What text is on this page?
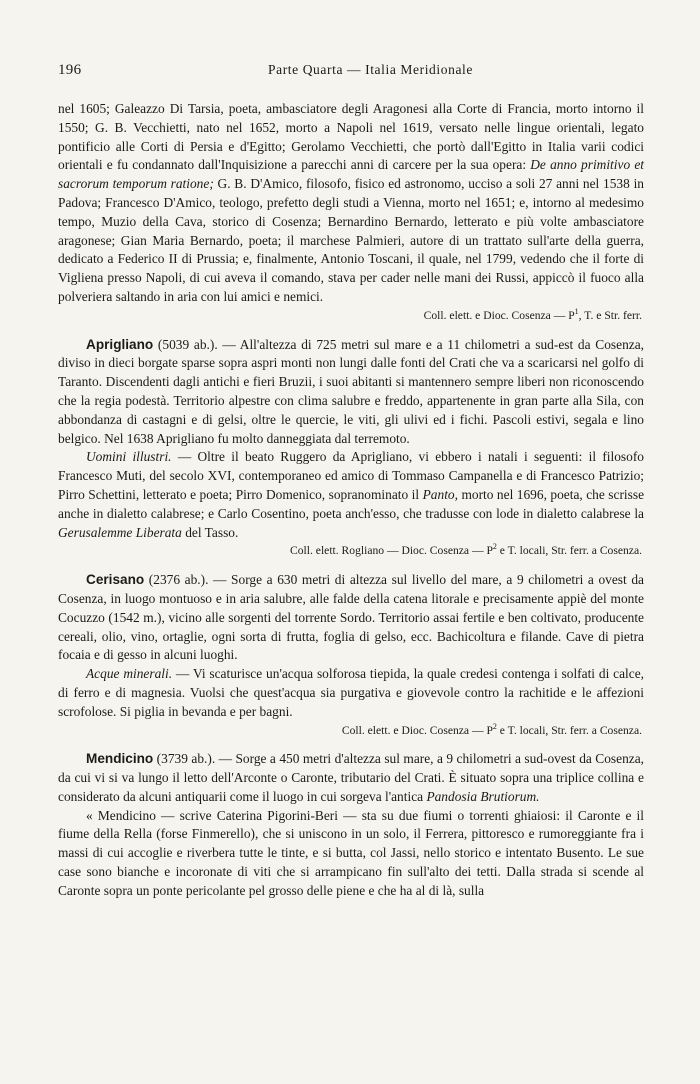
196	Parte Quarta — Italia Meridionale

nel 1605; Galeazzo Di Tarsia, poeta, ambasciatore degli Aragonesi alla Corte di Francia, morto intorno il 1550; G. B. Vecchietti, nato nel 1652, morto a Napoli nel 1619, versato nelle lingue orientali, legato pontificio alle Corti di Persia e d'Egitto; Gerolamo Vecchietti, che portò dall'Egitto in Italia varii codici orientali e fu condannato dall'Inquisizione a parecchi anni di carcere per la sua opera: De anno primitivo et sacrorum temporum ratione; G. B. D'Amico, filosofo, fisico ed astronomo, ucciso a soli 27 anni nel 1538 in Padova; Francesco D'Amico, teologo, prefetto degli studi a Vienna, morto nel 1651; e, intorno al medesimo tempo, Muzio della Cava, storico di Cosenza; Bernardino Bernardo, letterato e più volte ambasciatore aragonese; Gian Maria Bernardo, poeta; il marchese Palmieri, autore di un trattato sull'arte della guerra, dedicato a Federico II di Prussia; e, finalmente, Antonio Toscani, il quale, nel 1799, vedendo che il forte di Vigliena presso Napoli, di cui aveva il comando, stava per cader nelle mani dei Russi, appiccò il fuoco alla polveriera saltando in aria con lui amici e nemici.

Coll. elett. e Dioc. Cosenza — $P^1$, T. e Str. ferr.

Aprigliano (5039 ab.). — All'altezza di 725 metri sul mare e a 11 chilometri a sud-est da Cosenza, diviso in dieci borgate sparse sopra aspri monti non lungi dalle fonti del Crati che va a scaricarsi nel golfo di Taranto. Discendenti dagli antichi e fieri Bruzii, i suoi abitanti si mantennero sempre liberi non riconoscendo che la regia podestà. Territorio alpestre con clima salubre e freddo, appartenente in gran parte alla Sila, con abbondanza di castagni e di gelsi, oltre le quercie, le viti, gli ulivi ed i fichi. Pascoli estivi, segala e lino belgico. Nel 1638 Aprigliano fu molto danneggiata dal terremoto.

Uomini illustri. — Oltre il beato Ruggero da Aprigliano, vi ebbero i natali i seguenti: il filosofo Francesco Muti, del secolo XVI, contemporaneo ed amico di Tommaso Campanella e di Francesco Patrizio; Pirro Schettini, letterato e poeta; Pirro Domenico, sopranominato il Panto, morto nel 1696, poeta, che scrisse anche in dialetto calabrese; e Carlo Cosentino, poeta anch'esso, che tradusse con lode in dialetto calabrese la Gerusalemme Liberata del Tasso.

Coll. elett. Rogliano — Dioc. Cosenza — $P^2$ e T. locali, Str. ferr. a Cosenza.

Cerisano (2376 ab.). — Sorge a 630 metri di altezza sul livello del mare, a 9 chilometri a ovest da Cosenza, in luogo montuoso e in aria salubre, alle falde della catena litorale e precisamente appiè del monte Cocuzzo (1542 m.), vicino alle sorgenti del torrente Sordo. Territorio assai fertile e ben coltivato, producente cereali, olio, vino, ortaglie, ogni sorta di frutta, foglia di gelso, ecc. Bachicoltura e filande. Cave di pietra focaia e di gesso in alcuni luoghi.

Acque minerali. — Vi scaturisce un'acqua solforosa tiepida, la quale credesi contenga i solfati di calce, di ferro e di magnesia. Vuolsi che quest'acqua sia purgativa e giovevole contro la rachitide e le affezioni scrofolose. Si piglia in bevanda e per bagni.

Coll. elett. e Dioc. Cosenza — $P^2$ e T. locali, Str. ferr. a Cosenza.

Mendicino (3739 ab.). — Sorge a 450 metri d'altezza sul mare, a 9 chilometri a sud-ovest da Cosenza, da cui vi si va lungo il letto dell'Arconte o Caronte, tributario del Crati. È situato sopra una triplice collina e considerato da alcuni antiquarii come il luogo in cui sorgeva l'antica Pandosia Brutiorum.

« Mendicino — scrive Caterina Pigorini-Beri — sta su due fiumi o torrenti ghiaiosi: il Caronte e il fiume della Rella (forse Finmerello), che si uniscono in un solo, il Ferrera, pittoresco e rumoreggiante fra i massi di cui accoglie e riverbera tutte le tinte, e si butta, col Jassi, nello storico e intentato Busento. Le sue case sono bianche e incoronate di viti che si arrampicano fin sull'alto dei tetti. Dalla strada si scende al Caronte sopra un ponte pericolante pel grosso delle piene e che ha al di là, sulla
